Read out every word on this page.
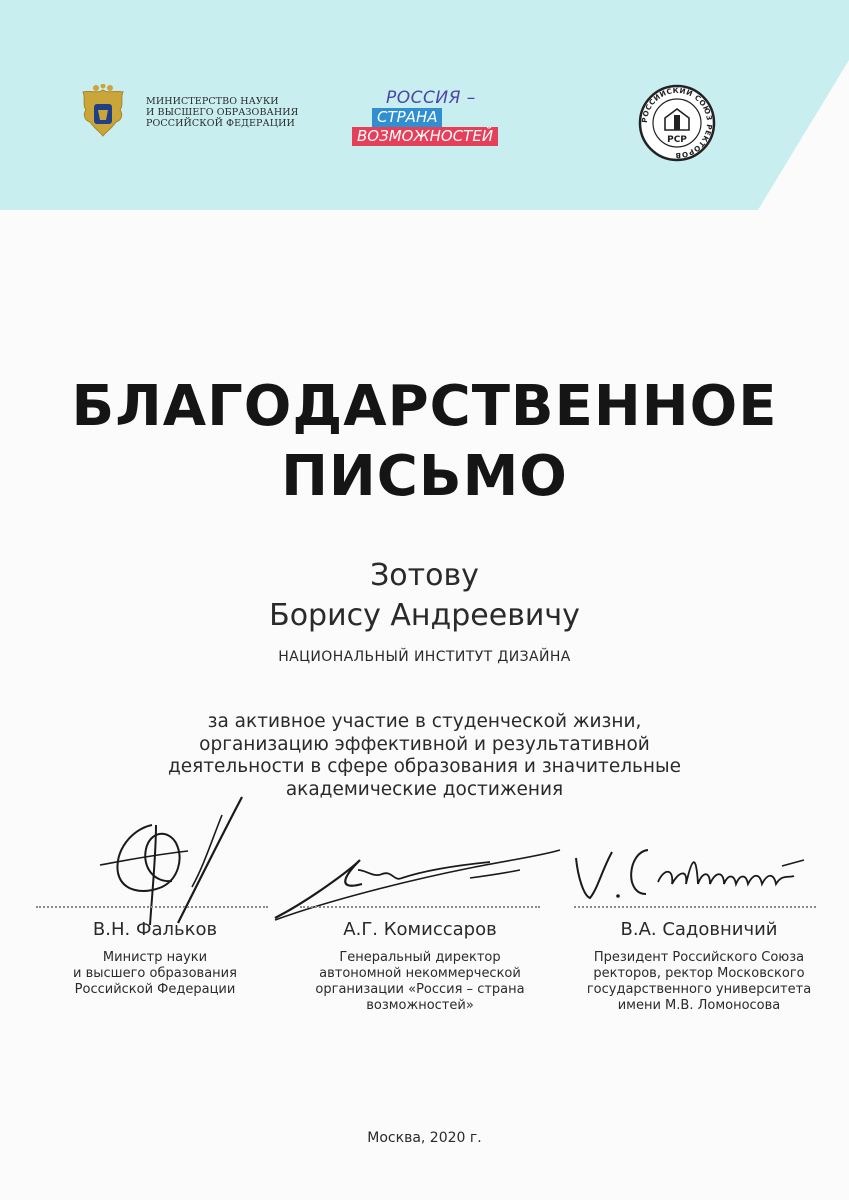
МИНИСТЕРСТВО НАУКИ
И ВЫСШЕГО ОБРАЗОВАНИЯ
РОССИЙСКОЙ ФЕДЕРАЦИИ
РОССИЯ –
СТРАНА
ВОЗМОЖНОСТЕЙ
РОССИЙСКИЙ СОЮЗ РЕКТОРОВ
РСР
БЛАГОДАРСТВЕННОЕ
ПИСЬМО
Зотову
Борису Андреевичу
НАЦИОНАЛЬНЫЙ ИНСТИТУТ ДИЗАЙНА
за активное участие в студенческой жизни,
организацию эффективной и результативной
деятельности в сфере образования и значительные
академические достижения
В.Н. Фальков
Министр науки
и высшего образования
Российской Федерации
А.Г. Комиссаров
Генеральный директор
автономной некоммерческой
организации «Россия – страна
возможностей»
В.А. Садовничий
Президент Российского Союза
ректоров, ректор Московского
государственного университета
имени М.В. Ломоносова
Москва, 2020 г.
